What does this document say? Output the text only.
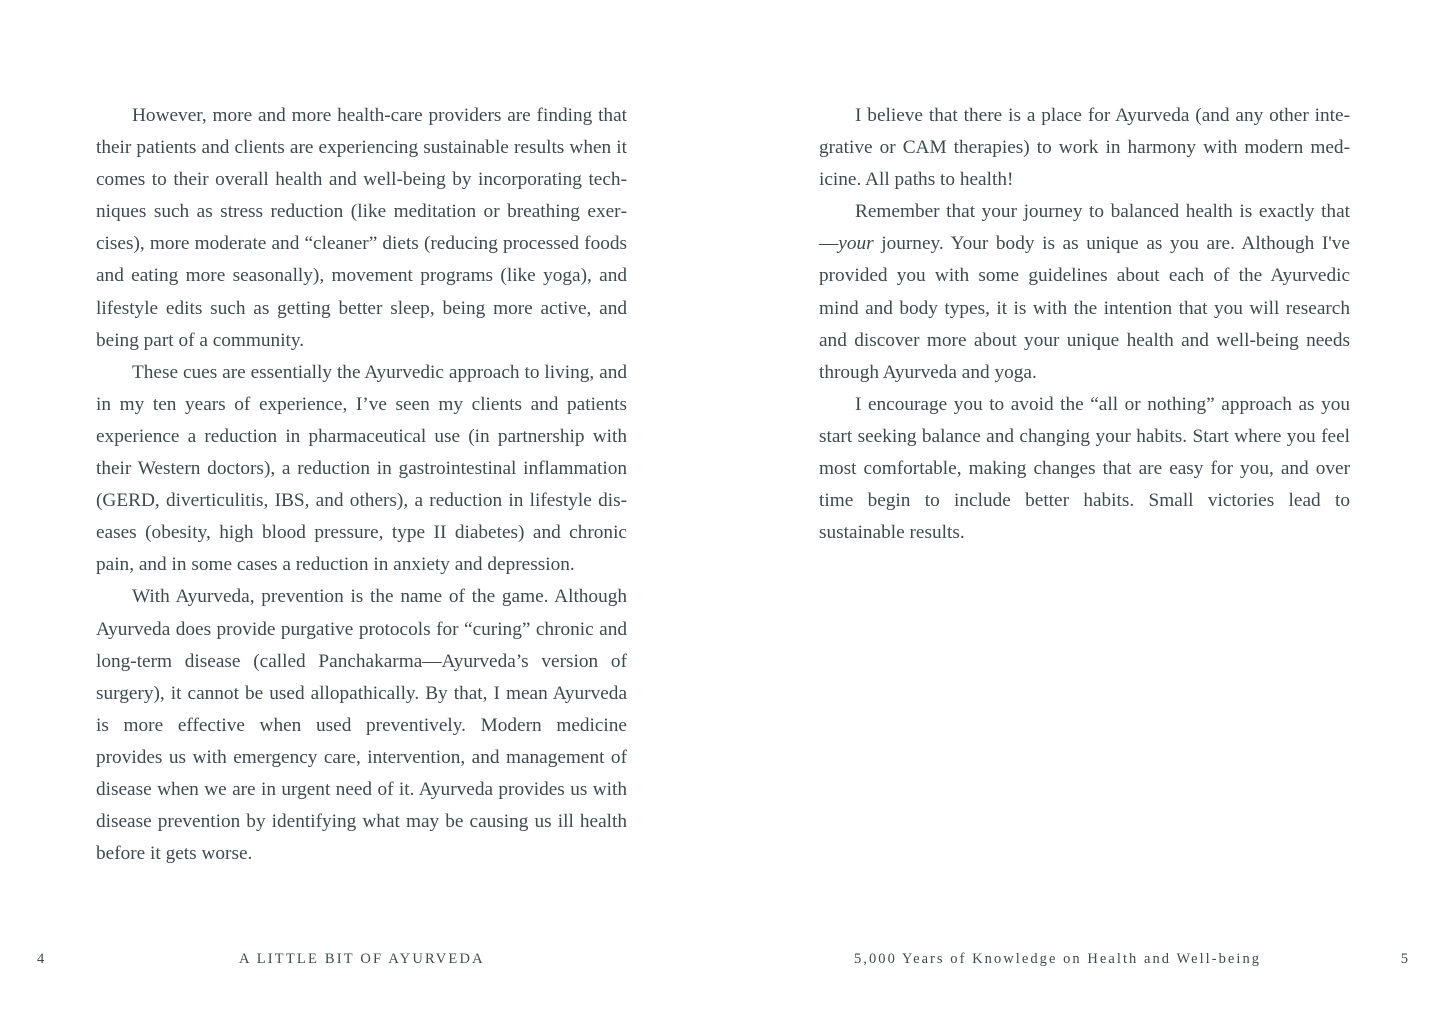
However, more and more health-care providers are finding that their patients and clients are experiencing sustainable results when it comes to their overall health and well-being by incorporating techniques such as stress reduction (like meditation or breathing exercises), more moderate and “cleaner” diets (reducing processed foods and eating more seasonally), movement programs (like yoga), and lifestyle edits such as getting better sleep, being more active, and being part of a community.

These cues are essentially the Ayurvedic approach to living, and in my ten years of experience, I’ve seen my clients and patients experience a reduction in pharmaceutical use (in partnership with their Western doctors), a reduction in gastrointestinal inflammation (GERD, diverticulitis, IBS, and others), a reduction in lifestyle diseases (obesity, high blood pressure, type II diabetes) and chronic pain, and in some cases a reduction in anxiety and depression.

With Ayurveda, prevention is the name of the game. Although Ayurveda does provide purgative protocols for “curing” chronic and long-term disease (called Panchakarma—Ayurveda’s version of surgery), it cannot be used allopathically. By that, I mean Ayurveda is more effective when used preventively. Modern medicine provides us with emergency care, intervention, and management of disease when we are in urgent need of it. Ayurveda provides us with disease prevention by identifying what may be causing us ill health before it gets worse.

4	A LITTLE BIT OF AYURVEDA

I believe that there is a place for Ayurveda (and any other integrative or CAM therapies) to work in harmony with modern medicine. All paths to health!

Remember that your journey to balanced health is exactly that—your journey. Your body is as unique as you are. Although I've provided you with some guidelines about each of the Ayurvedic mind and body types, it is with the intention that you will research and discover more about your unique health and well-being needs through Ayurveda and yoga.

I encourage you to avoid the “all or nothing” approach as you start seeking balance and changing your habits. Start where you feel most comfortable, making changes that are easy for you, and over time begin to include better habits. Small victories lead to sustainable results.

5,000 Years of Knowledge on Health and Well-being	5
